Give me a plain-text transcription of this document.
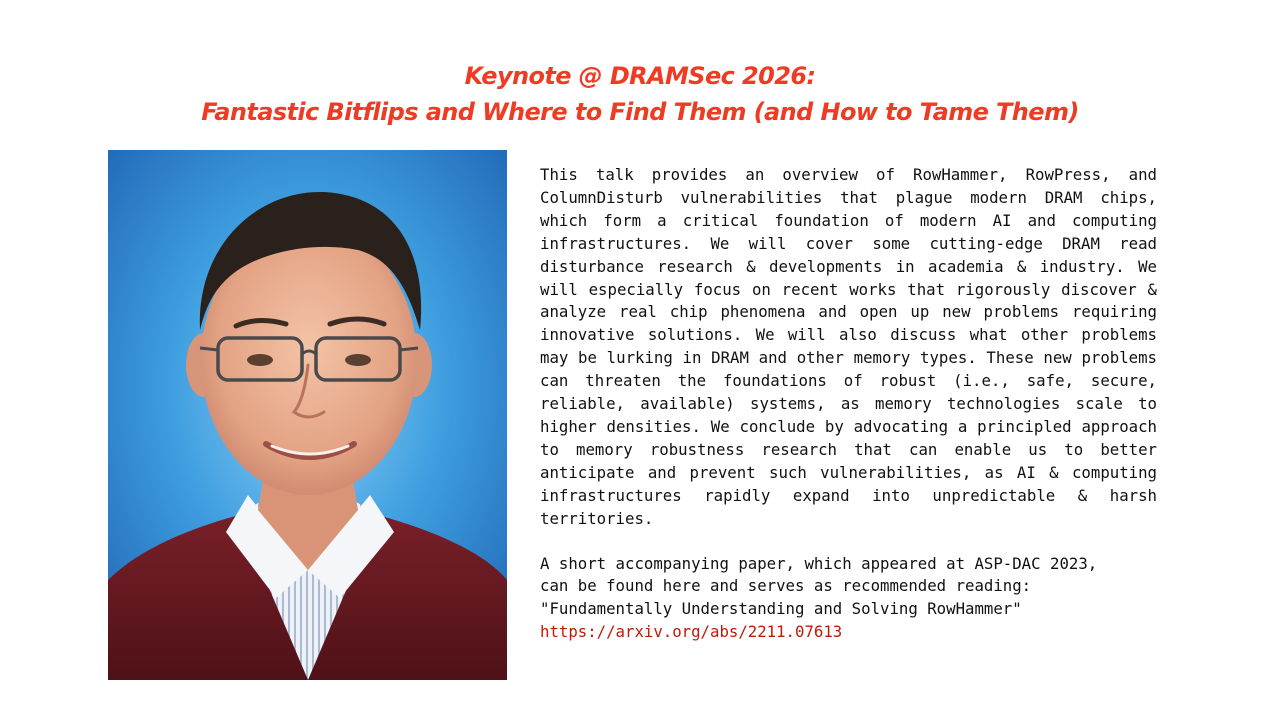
Keynote @ DRAMSec 2026:
Fantastic Bitflips and Where to Find Them (and How to Tame Them)

This talk provides an overview of RowHammer, RowPress, and ColumnDisturb vulnerabilities that plague modern DRAM chips, which form a critical foundation of modern AI and computing infrastructures. We will cover some cutting-edge DRAM read disturbance research & developments in academia & industry. We will especially focus on recent works that rigorously discover & analyze real chip phenomena and open up new problems requiring innovative solutions. We will also discuss what other problems may be lurking in DRAM and other memory types. These new problems can threaten the foundations of robust (i.e., safe, secure, reliable, available) systems, as memory technologies scale to higher densities. We conclude by advocating a principled approach to memory robustness research that can enable us to better anticipate and prevent such vulnerabilities, as AI & computing infrastructures rapidly expand into unpredictable & harsh territories.

A short accompanying paper, which appeared at ASP-DAC 2023,
can be found here and serves as recommended reading:
"Fundamentally Understanding and Solving RowHammer"
https://arxiv.org/abs/2211.07613
